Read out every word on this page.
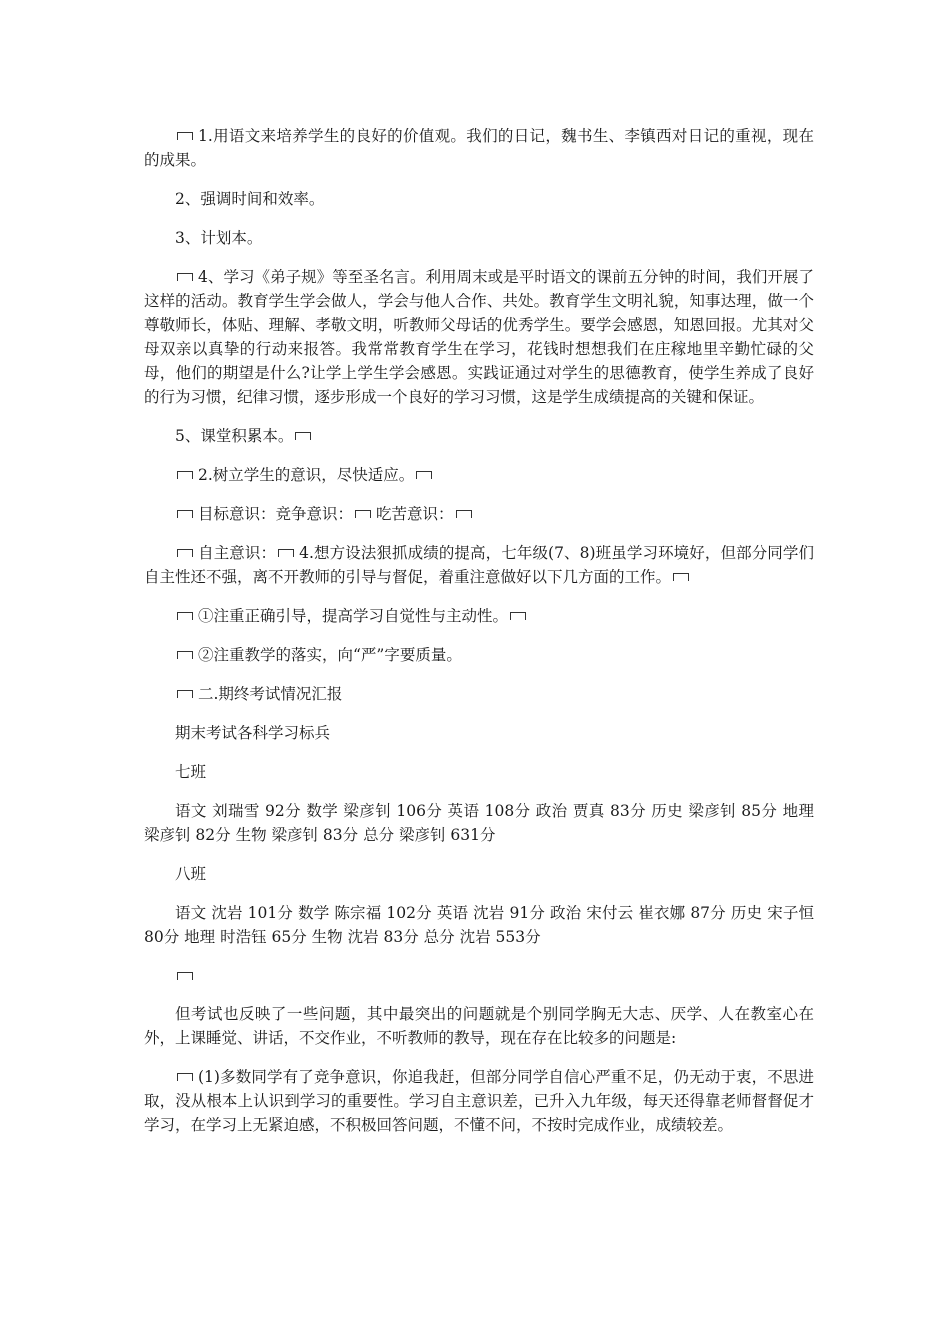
1.用语文来培养学生的良好的价值观。我们的日记，魏书生、李镇西对日记的重视，现在的成果。

2、强调时间和效率。

3、计划本。

4、学习《弟子规》等至圣名言。利用周末或是平时语文的课前五分钟的时间，我们开展了这样的活动。教育学生学会做人，学会与他人合作、共处。教育学生文明礼貌，知事达理，做一个尊敬师长，体贴、理解、孝敬文明，听教师父母话的优秀学生。要学会感恩，知恩回报。尤其对父母双亲以真挚的行动来报答。我常常教育学生在学习，花钱时想想我们在庄稼地里辛勤忙碌的父母，他们的期望是什么?让学上学生学会感恩。实践证通过对学生的思德教育，使学生养成了良好的行为习惯，纪律习惯，逐步形成一个良好的学习习惯，这是学生成绩提高的关键和保证。

5、课堂积累本。

2.树立学生的意识，尽快适应。

目标意识：竞争意识： 吃苦意识：

自主意识： 4.想方设法狠抓成绩的提高，七年级(7、8)班虽学习环境好，但部分同学们自主性还不强，离不开教师的引导与督促，着重注意做好以下几方面的工作。

①注重正确引导，提高学习自觉性与主动性。

②注重教学的落实，向“严”字要质量。

二.期终考试情况汇报

期末考试各科学习标兵

七班

语文 刘瑞雪 92分 数学 梁彦钊 106分 英语 108分 政治 贾真 83分 历史 梁彦钊 85分 地理 梁彦钊 82分 生物 梁彦钊 83分 总分 梁彦钊 631分

八班

语文 沈岩 101分 数学 陈宗福 102分 英语 沈岩 91分 政治 宋付云 崔衣娜 87分 历史 宋子恒 80分 地理 时浩钰 65分 生物 沈岩 83分 总分 沈岩 553分

但考试也反映了一些问题，其中最突出的问题就是个别同学胸无大志、厌学、人在教室心在外，上课睡觉、讲话，不交作业，不听教师的教导，现在存在比较多的问题是:

(1)多数同学有了竞争意识，你追我赶，但部分同学自信心严重不足，仍无动于衷，不思进取，没从根本上认识到学习的重要性。学习自主意识差，已升入九年级，每天还得靠老师督督促才学习，在学习上无紧迫感，不积极回答问题，不懂不问，不按时完成作业，成绩较差。
